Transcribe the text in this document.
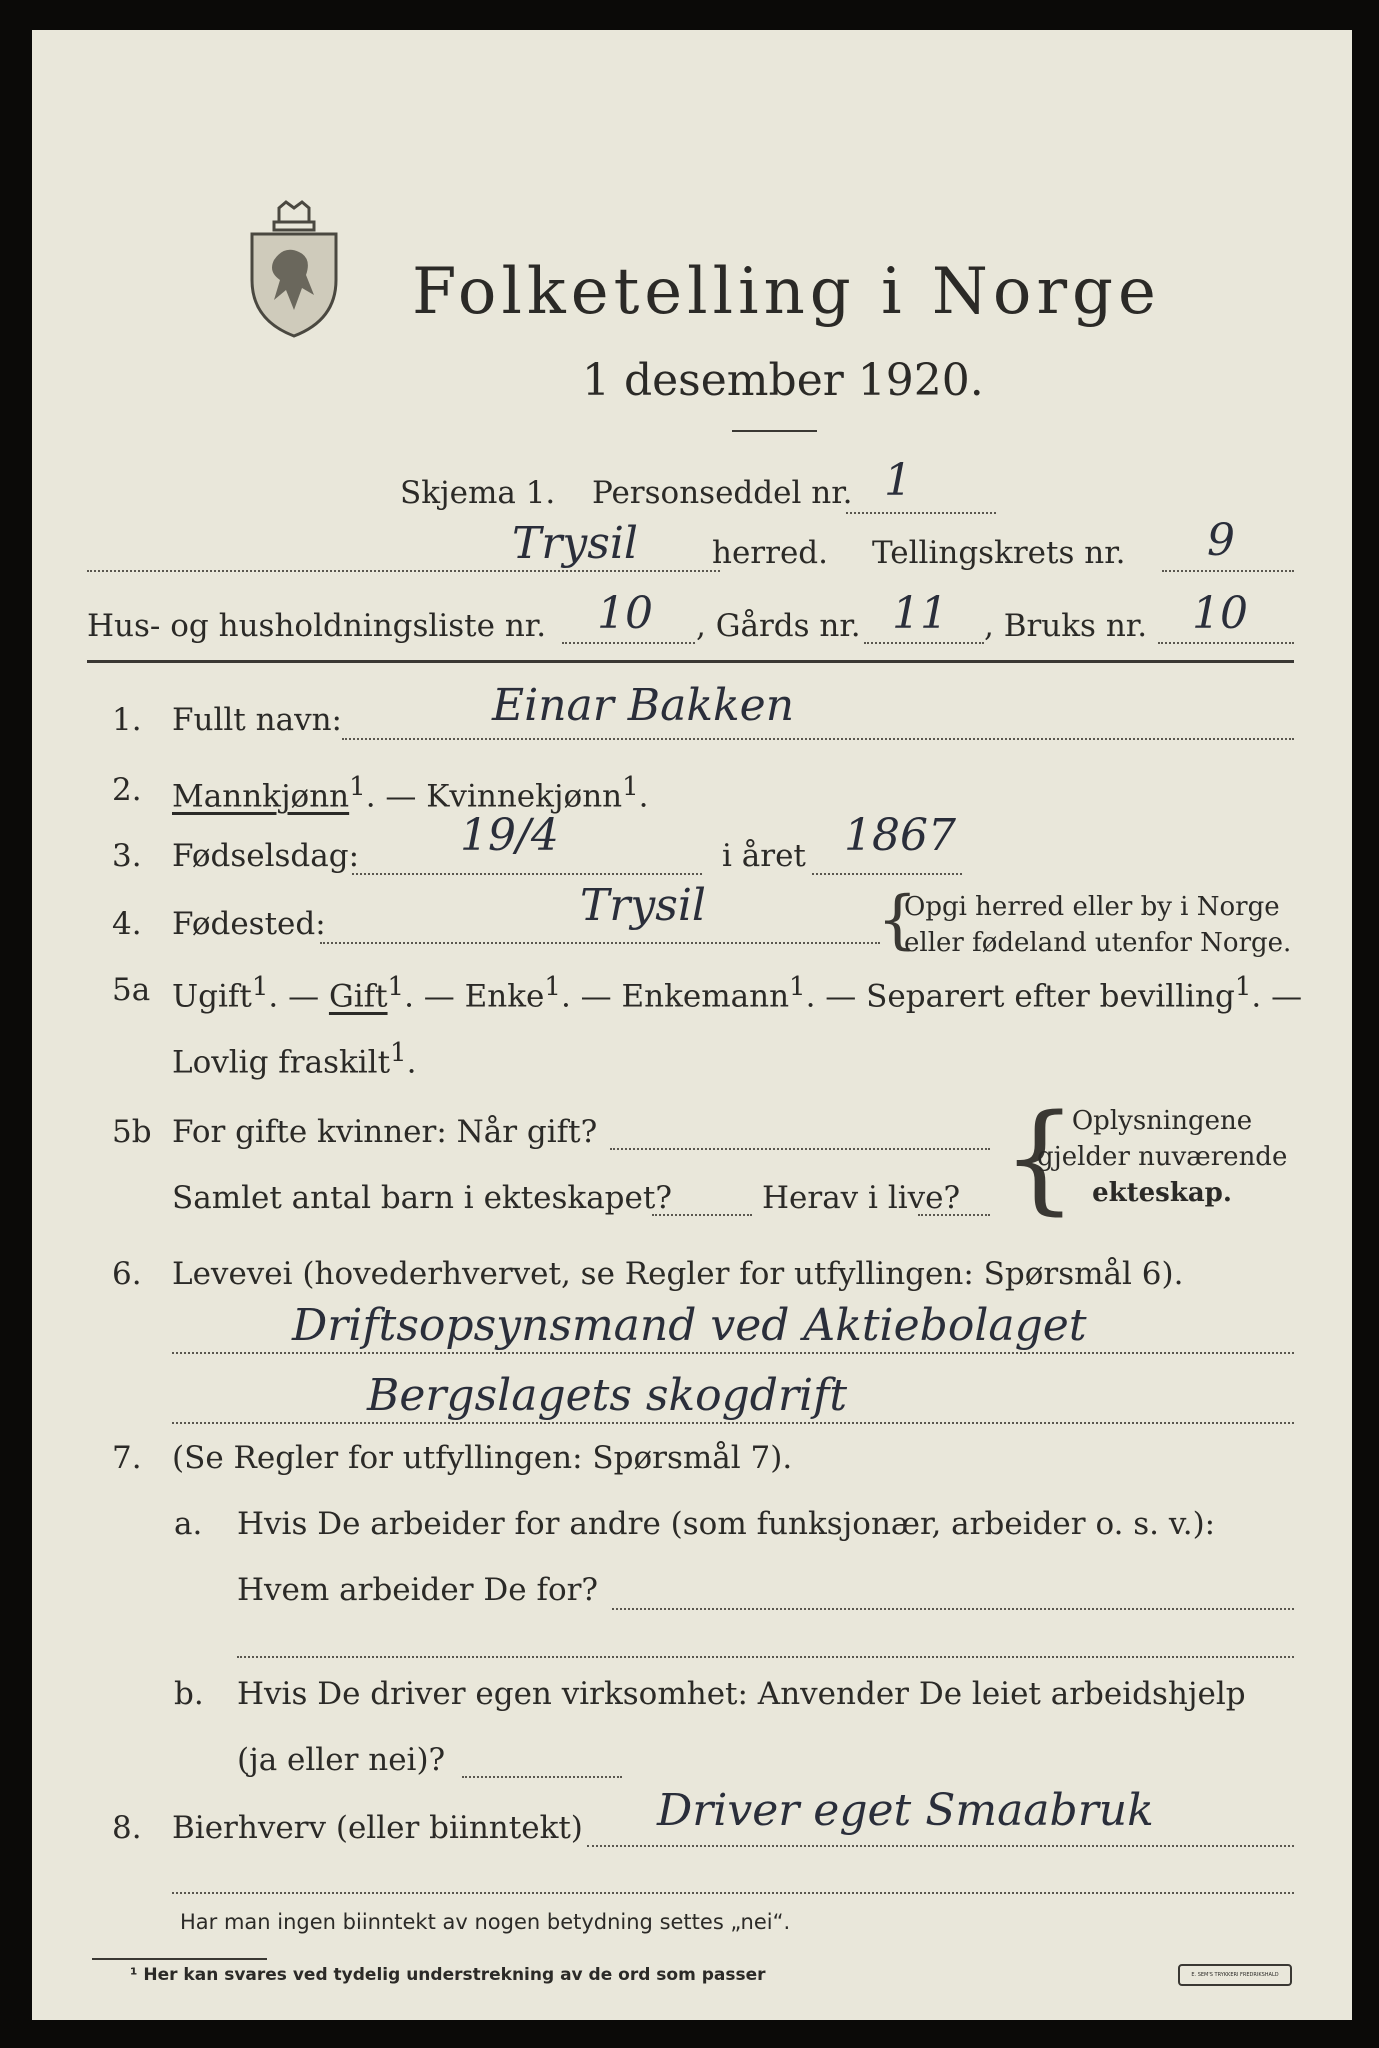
Folketelling i Norge
1 desember 1920.
Skjema 1. Personseddel nr. 1
Trysil herred. Tellingskrets nr. 9
Hus- og husholdningsliste nr. 10 , Gårds nr. 11 , Bruks nr. 10
1. Fullt navn:	Einar Bakken
2. Mannkjønn$^1$. — Kvinnekjønn$^1$.
3. Fødselsdag: 19/4	i året 1867
4. Fødested:	Trysil	{
Opgi herred eller by i Norge
eller fødeland utenfor Norge.
5a Ugift$^1$. — Gift$^1$. — Enke$^1$. — Enkemann$^1$. — Separert efter bevilling$^1$. —
Lovlig fraskilt$^1$.
5b For gifte kvinner: Når gift?
Samlet antal barn i ekteskapet?	Herav i live? {
Oplysningene
gjelder nuværende
ekteskap.
6. Levevei (hovederhvervet, se Regler for utfyllingen: Spørsmål 6).
Driftsopsynsmand ved Aktiebolaget
Bergslagets skogdrift
7. (Se Regler for utfyllingen: Spørsmål 7).
a. Hvis De arbeider for andre (som funksjonær, arbeider o. s. v.):
Hvem arbeider De for?
b. Hvis De driver egen virksomhet: Anvender De leiet arbeidshjelp
(ja eller nei)?
8. Bierhverv (eller biinntekt) Driver eget Smaabruk
Har man ingen biinntekt av nogen betydning settes „nei“.
¹ Her kan svares ved tydelig understrekning av de ord som passer	E. SEM'S TRYKKERI FREDRIKSHALD
